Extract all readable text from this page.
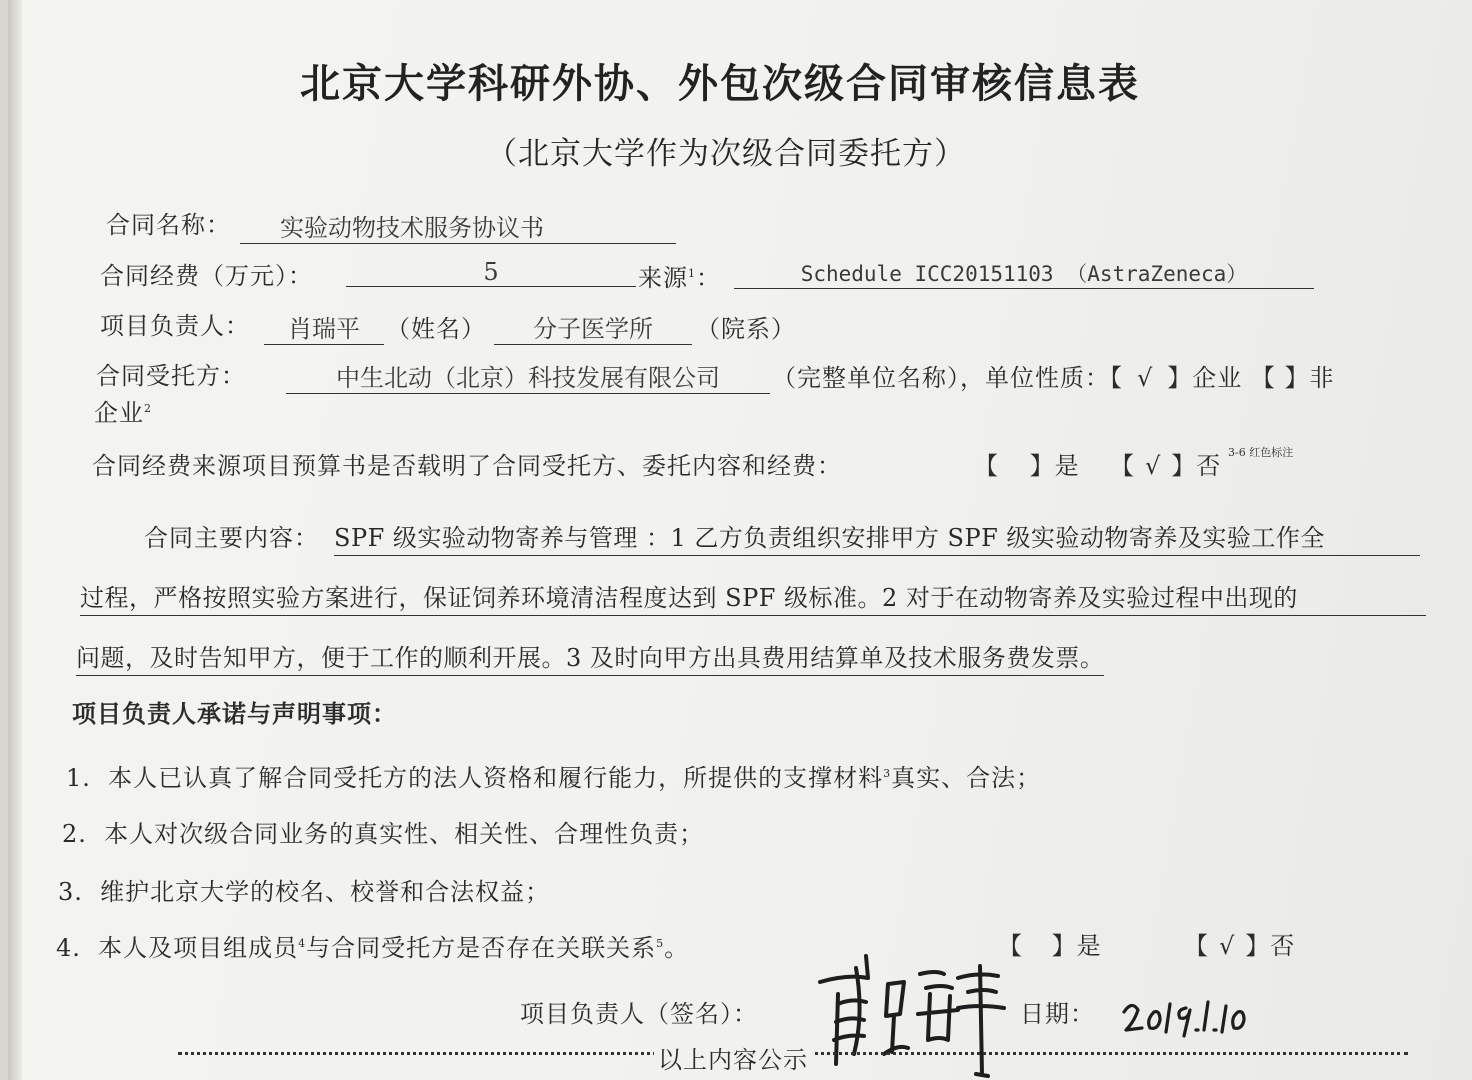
北京大学科研外协、外包次级合同审核信息表
（北京大学作为次级合同委托方）
合同名称：	实验动物技术服务协议书
合同经费（万元）：	5	来源$^1$：	Schedule ICC20151103 （AstraZeneca）
项目负责人：	肖瑞平	（姓名）	分子医学所	（院系）
合同受托方：	中生北动（北京）科技发展有限公司	（完整单位名称），单位性质：【 √ 】企业 【 】非
企业$^2$
合同经费来源项目预算书是否载明了合同受托方、委托内容和经费：	【 】是 【 √ 】否 3-6 红色标注
合同主要内容： SPF 级实验动物寄养与管理 ：1 乙方负责组织安排甲方 SPF 级实验动物寄养及实验工作全
过程，严格按照实验方案进行，保证饲养环境清洁程度达到 SPF 级标准。2 对于在动物寄养及实验过程中出现的
问题，及时告知甲方，便于工作的顺利开展。3 及时向甲方出具费用结算单及技术服务费发票。
项目负责人承诺与声明事项：
1. 本人已认真了解合同受托方的法人资格和履行能力，所提供的支撑材料$^3$真实、合法；
2. 本人对次级合同业务的真实性、相关性、合理性负责；
3. 维护北京大学的校名、校誉和合法权益；
4. 本人及项目组成员$^4$与合同受托方是否存在关联关系$^5$。	【 】是	【 √ 】否
项目负责人（签名）：	日期：
以上内容公示
